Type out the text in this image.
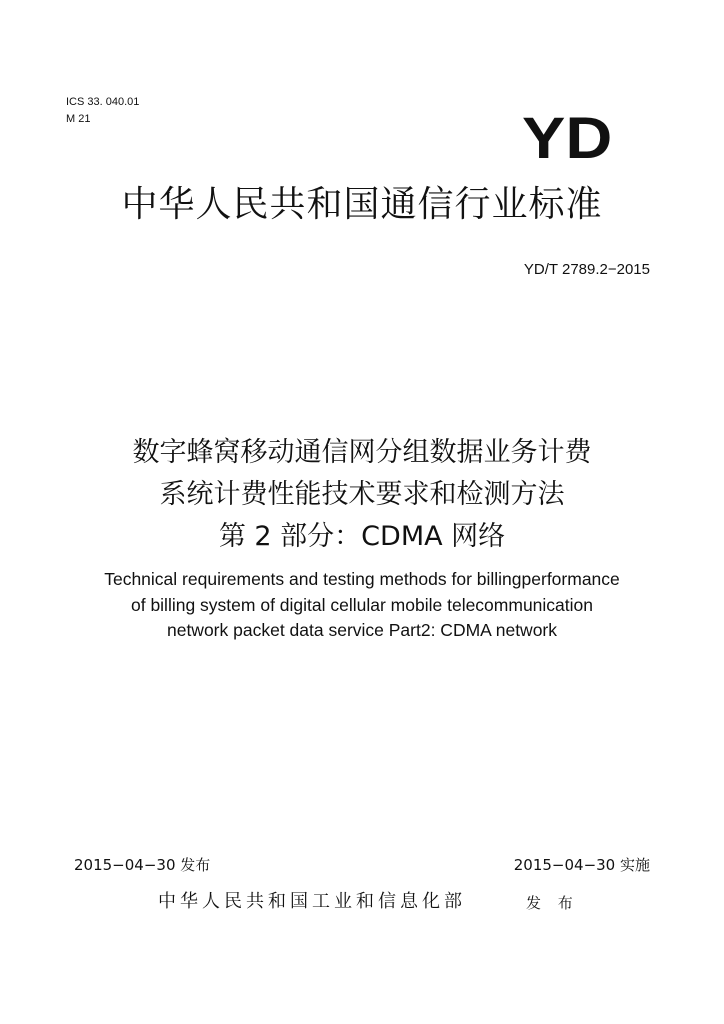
ICS 33. 040.01
M 21	YD
中华人民共和国通信行业标准
YD/T 2789.2−2015
数字蜂窝移动通信网分组数据业务计费
系统计费性能技术要求和检测方法
第 2 部分：CDMA 网络
Technical requirements and testing methods for billingperformance
of billing system of digital cellular mobile telecommunication
network packet data service Part2: CDMA network
2015−04−30 发布	2015−04−30 实施
中华人民共和国工业和信息化部	发 布
